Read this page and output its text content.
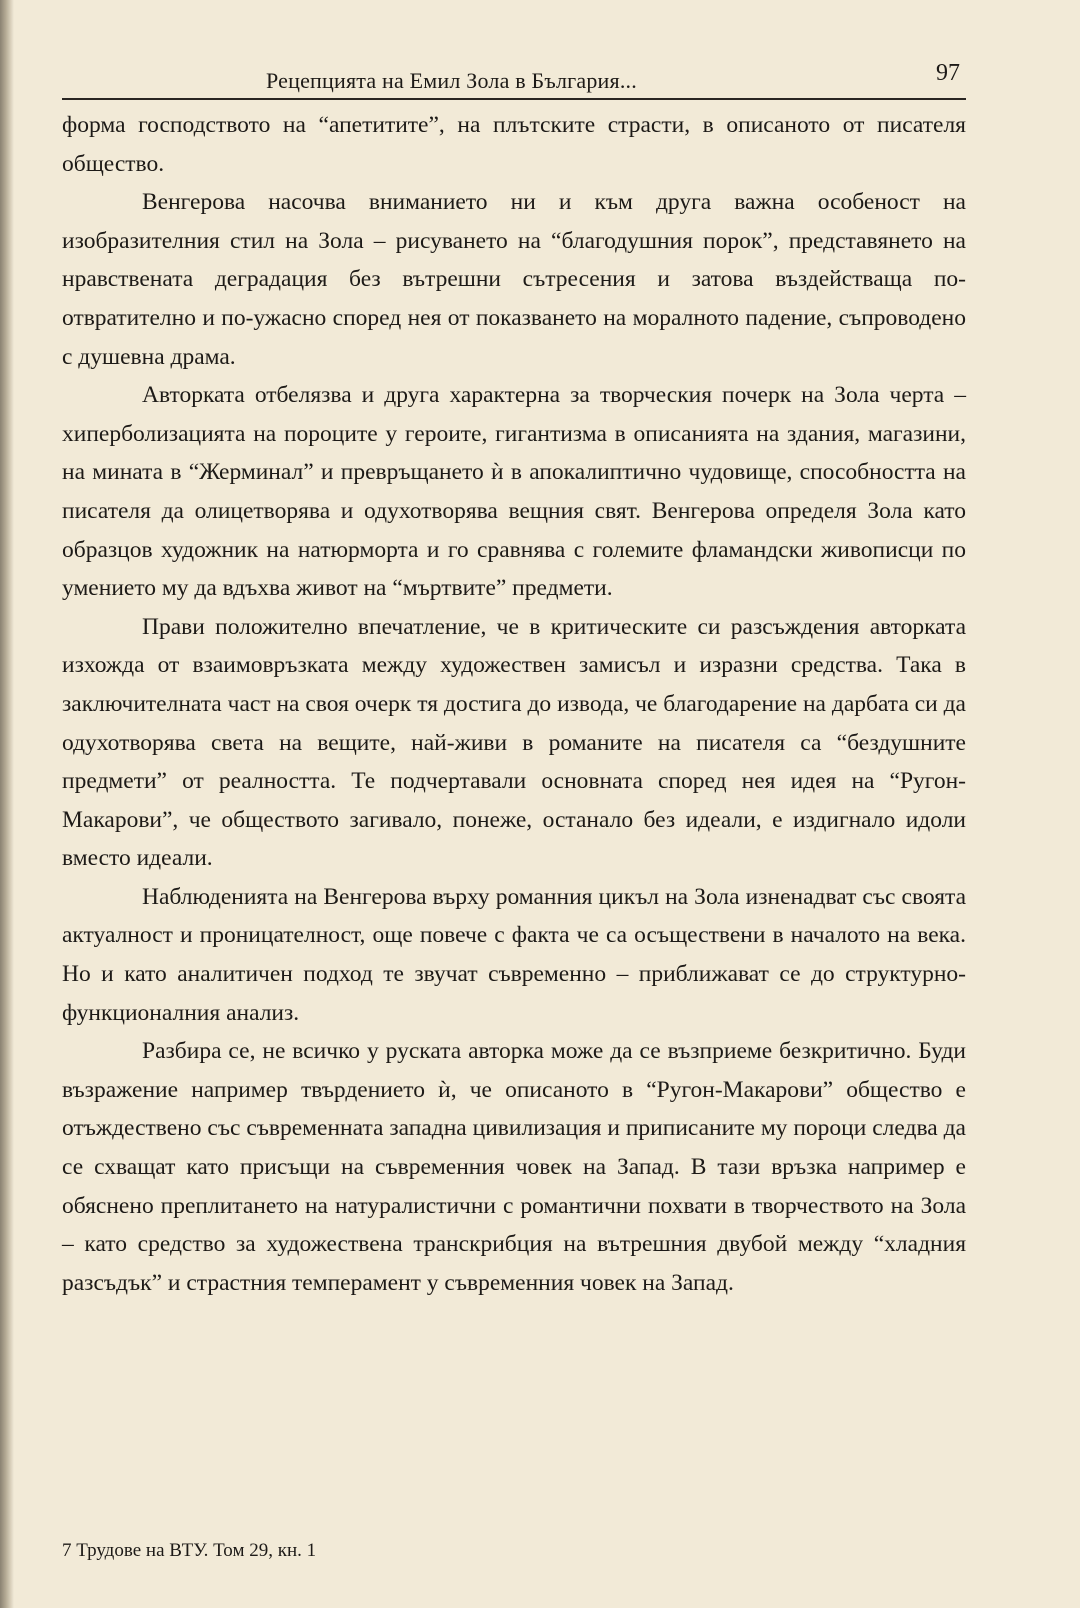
Рецепцията на Емил Зола в България...	97

форма господството на “апетитите”, на плътските страсти, в описаното от писателя общество.

Венгерова насочва вниманието ни и към друга важна особеност на изобразителния стил на Зола – рисуването на “благодушния порок”, представянето на нравствената деградация без вътрешни сътресения и затова въздействаща по-отвратително и по-ужасно според нея от показването на моралното падение, съпроводено с душевна драма.

Авторката отбелязва и друга характерна за творческия почерк на Зола черта – хиперболизацията на пороците у героите, гигантизма в описанията на здания, магазини, на мината в “Жерминал” и превръщането ѝ в апокалиптично чудовище, способността на писателя да олицетворява и одухотворява вещния свят. Венгерова определя Зола като образцов художник на натюрморта и го сравнява с големите фламандски живописци по умението му да вдъхва живот на “мъртвите” предмети.

Прави положително впечатление, че в критическите си разсъждения авторката изхожда от взаимовръзката между художествен замисъл и изразни средства. Така в заключителната част на своя очерк тя достига до извода, че благодарение на дарбата си да одухотворява света на вещите, най-живи в романите на писателя са “бездушните предмети” от реалността. Те подчертавали основната според нея идея на “Ругон-Макарови”, че обществото загивало, понеже, останало без идеали, е издигнало идоли вместо идеали.

Наблюденията на Венгерова върху романния цикъл на Зола изненадват със своята актуалност и проницателност, още повече с факта че са осъществени в началото на века. Но и като аналитичен подход те звучат съвременно – приближават се до структурно-функционалния анализ.

Разбира се, не всичко у руската авторка може да се възприеме безкритично. Буди възражение например твърдението ѝ, че описаното в “Ругон-Макарови” общество е отъждествено със съвременната западна цивилизация и приписаните му пороци следва да се схващат като присъщи на съвременния човек на Запад. В тази връзка например е обяснено преплитането на натуралистични с романтични похвати в творчеството на Зола – като средство за художествена транскрибция на вътрешния двубой между “хладния разсъдък” и страстния темперамент у съвременния човек на Запад.

7 Трудове на ВТУ. Том 29, кн. 1
